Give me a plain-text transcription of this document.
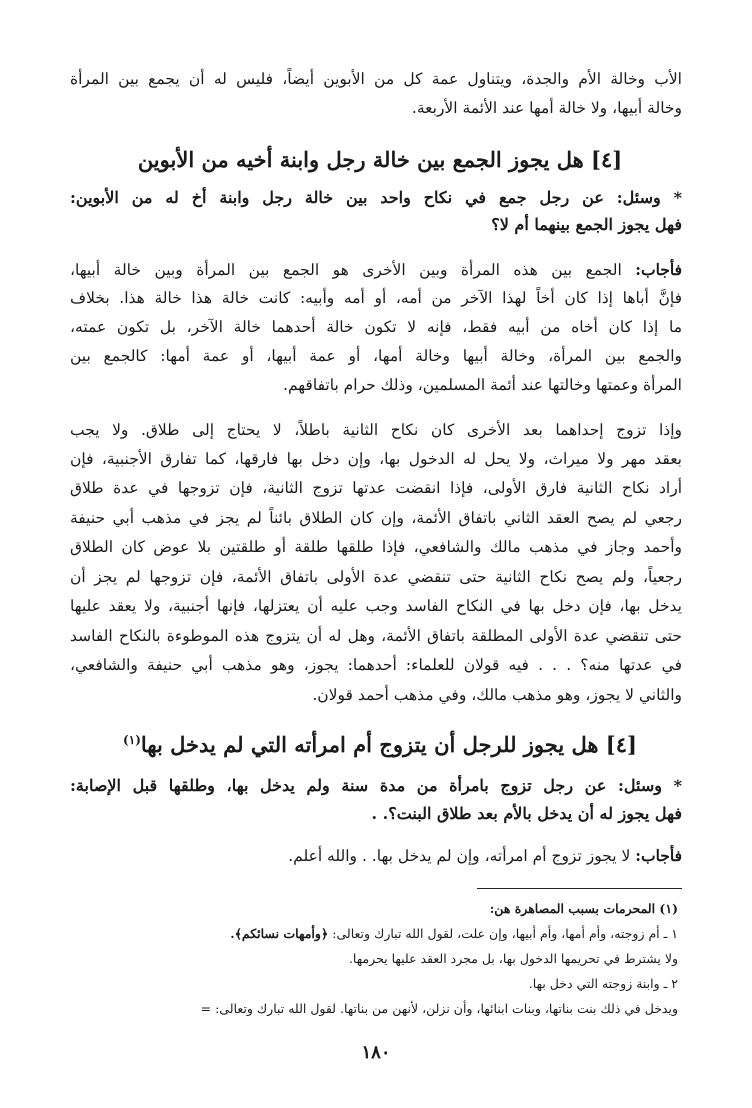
الأب وخالة الأم والجدة، ويتناول عمة كل من الأبوين أيضاً، فليس له أن يجمع بين المرأة
وخالة أبيها، ولا خالة أمها عند الأئمة الأربعة.
[٤] هل يجوز الجمع بين خالة رجل وابنة أخيه من الأبوين
* وسئل: عن رجل جمع في نكاح واحد بين خالة رجل وابنة أخ له من الأبوين:
فهل يجوز الجمع بينهما أم لا؟
فأجاب: الجمع بين هذه المرأة وبين الأخرى هو الجمع بين المرأة وبين خالة أبيها،
فإنَّ أباها إذا كان أخاً لهذا الآخر من أمه، أو أمه وأبيه: كانت خالة هذا خالة هذا. بخلاف
ما إذا كان أخاه من أبيه فقط، فإنه لا تكون خالة أحدهما خالة الآخر، بل تكون عمته،
والجمع بين المرأة، وخالة أبيها وخالة أمها، أو عمة أبيها، أو عمة أمها: كالجمع بين
المرأة وعمتها وخالتها عند أئمة المسلمين، وذلك حرام باتفاقهم.
وإذا تزوج إحداهما بعد الأخرى كان نكاح الثانية باطلاً، لا يحتاج إلى طلاق. ولا يجب
بعقد مهر ولا ميراث، ولا يحل له الدخول بها، وإن دخل بها فارقها، كما تفارق الأجنبية، فإن
أراد نكاح الثانية فارق الأولى، فإذا انقضت عدتها تزوج الثانية، فإن تزوجها في عدة طلاق
رجعي لم يصح العقد الثاني باتفاق الأئمة، وإن كان الطلاق بائناً لم يجز في مذهب أبي حنيفة
وأحمد وجاز في مذهب مالك والشافعي، فإذا طلقها طلقة أو طلقتين بلا عوض كان الطلاق
رجعياً، ولم يصح نكاح الثانية حتى تنقضي عدة الأولى باتفاق الأئمة، فإن تزوجها لم يجز أن
يدخل بها، فإن دخل بها في النكاح الفاسد وجب عليه أن يعتزلها، فإنها أجنبية، ولا يعقد عليها
حتى تنقضي عدة الأولى المطلقة باتفاق الأئمة، وهل له أن يتزوج هذه الموطوءة بالنكاح الفاسد
في عدتها منه؟ . . . فيه قولان للعلماء: أحدهما: يجوز، وهو مذهب أبي حنيفة والشافعي،
والثاني لا يجوز، وهو مذهب مالك، وفي مذهب أحمد قولان.
[٤] هل يجوز للرجل أن يتزوج أم امرأته التي لم يدخل بها$^{(١)}$
* وسئل: عن رجل تزوج بامرأة من مدة سنة ولم يدخل بها، وطلقها قبل الإصابة:
فهل يجوز له أن يدخل بالأم بعد طلاق البنت؟. .
فأجاب: لا يجوز تزوج أم امرأته، وإن لم يدخل بها. . والله أعلم.
(١) المحرمات بسبب المصاهرة هن:
١ ـ أم زوجته، وأم أمها، وأم أبيها، وإن علت، لقول الله تبارك وتعالى: ﴿وأمهات نسائكم﴾.
ولا يشترط في تحريمها الدخول بها، بل مجرد العقد عليها يحرمها.
٢ ـ وابنة زوجته التي دخل بها.
ويدخل في ذلك بنت بناتها، وبنات ابنائها، وأن نزلن، لأنهن من بناتها. لقول الله تبارك وتعالى: =
١٨٠
